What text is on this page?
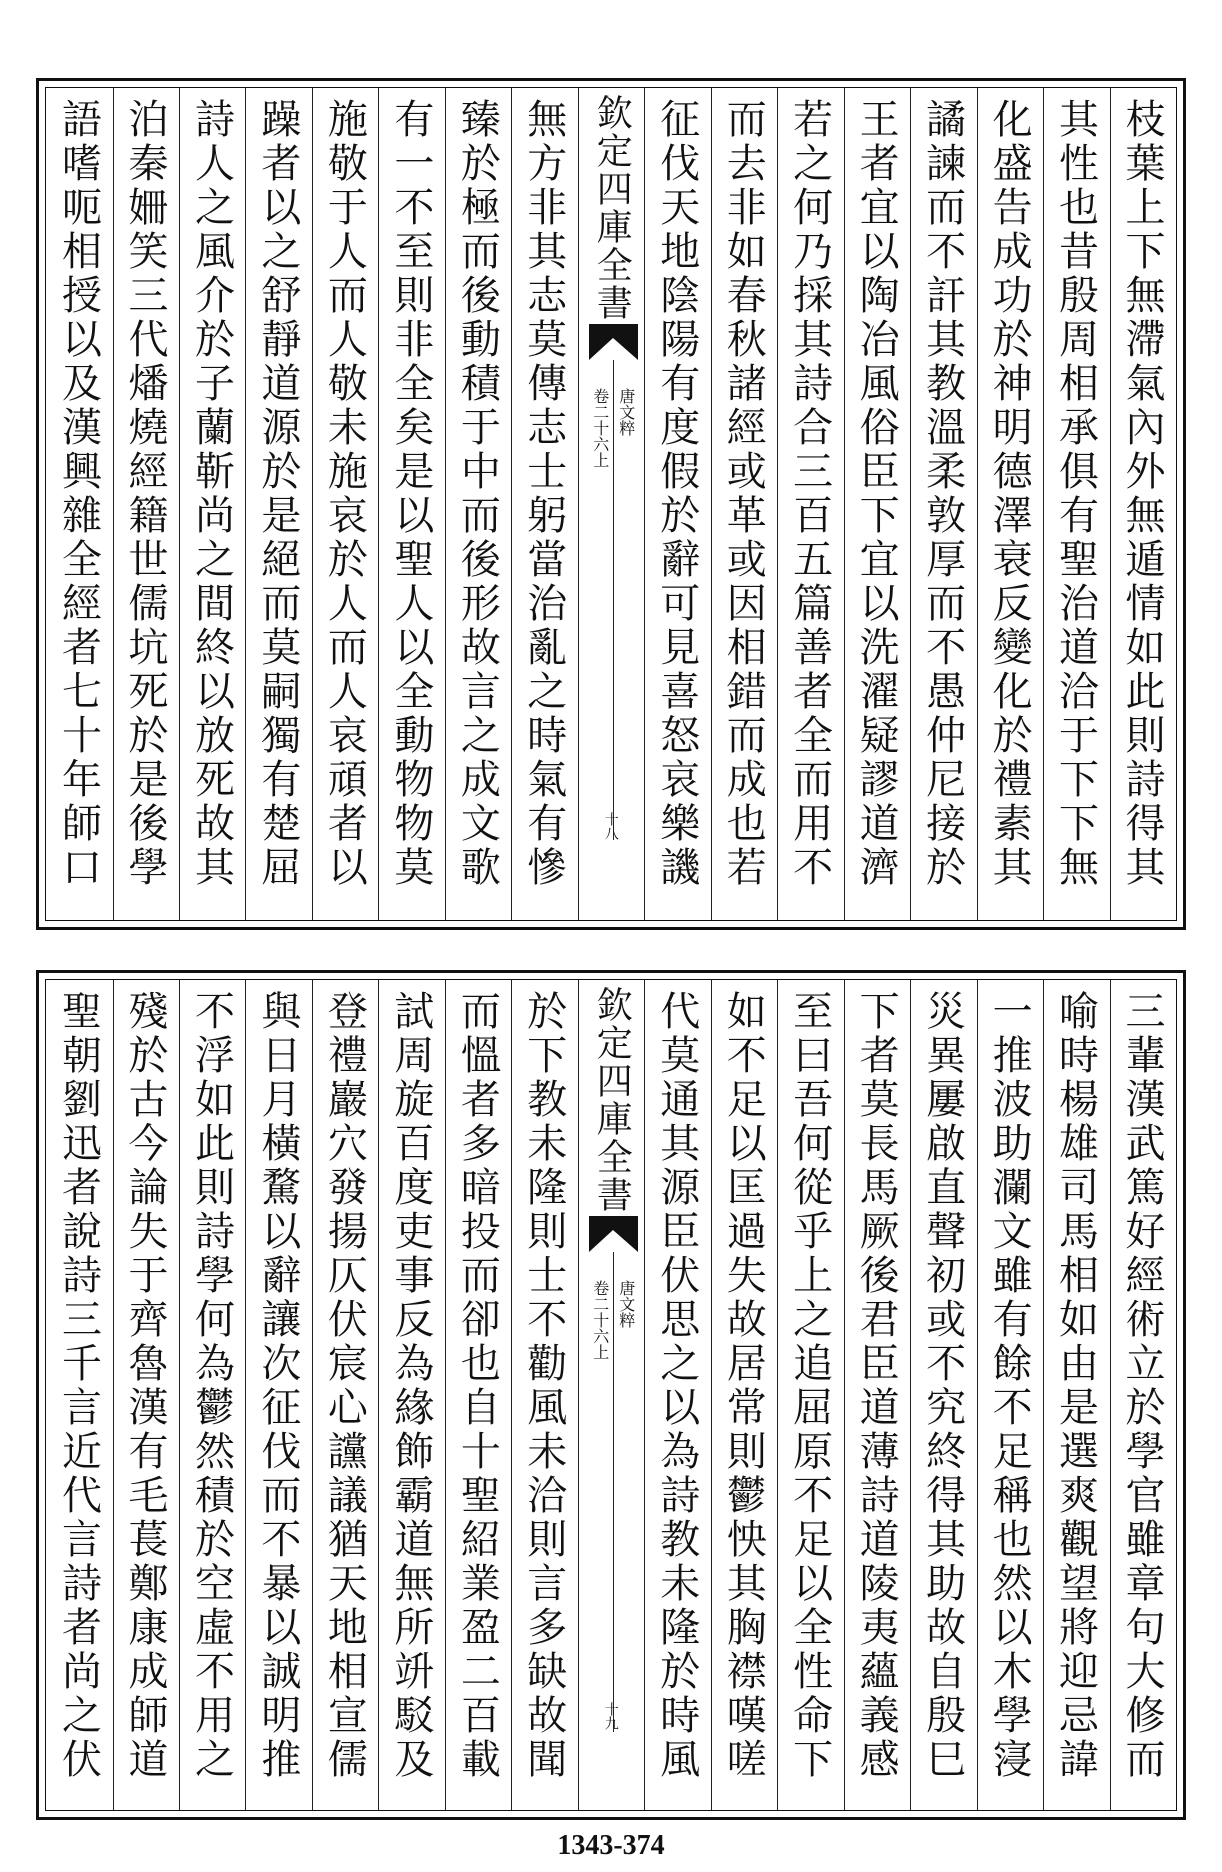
枝葉上下無滯氣內外無遁情如此則詩得其
其性也昔殷周相承俱有聖治道洽于下下無
化盛告成功於神明德澤衰反變化於禮素其
譎諫而不訐其教溫柔敦厚而不愚仲尼接於
王者宜以陶冶風俗臣下宜以洗濯疑謬道濟
若之何乃採其詩合三百五篇善者全而用不
而去非如春秋諸經或革或因相錯而成也若
征伐天地陰陽有度假於辭可見喜怒哀樂譏
欽定四庫全書
唐文粹
卷二十六上
十八
無方非其志莫傳志士躬當治亂之時氣有慘
臻於極而後動積于中而後形故言之成文歌
有一不至則非全矣是以聖人以全動物物莫
施敬于人而人敬未施哀於人而人哀頑者以
躁者以之舒靜道源於是絕而莫嗣獨有楚屈
詩人之風介於子蘭靳尚之間終以放死故其
泊秦姍笑三代燔燒經籍世儒坑死於是後學
語嗜呃相授以及漢興雜全經者七十年師口
三輩漢武篤好經術立於學官雖章句大修而
喻時楊雄司馬相如由是選爽觀望將迎忌諱
一推波助瀾文雖有餘不足稱也然以木學寖
災異屢啟直聲初或不究終得其助故自殷巳
下者莫長馬厥後君臣道薄詩道陵夷蘊義感
至曰吾何從乎上之追屈原不足以全性命下
如不足以匡過失故居常則鬱怏其胸襟嘆嗟
代莫通其源臣伏思之以為詩教未隆於時風
欽定四庫全書
唐文粹
卷二十六上
十九
於下教未隆則士不勸風未洽則言多缺故聞
而慍者多暗投而卻也自十聖紹業盈二百載
試周旋百度吏事反為緣飾霸道無所竔駁及
登禮巖穴發揚仄伏宸心讜議猶天地相宣儒
與日月橫騖以辭讓次征伐而不暴以誠明推
不浮如此則詩學何為鬱然積於空虛不用之
殘於古今論失于齊魯漢有毛萇鄭康成師道
聖朝劉迅者說詩三千言近代言詩者尚之伏
1343-374
